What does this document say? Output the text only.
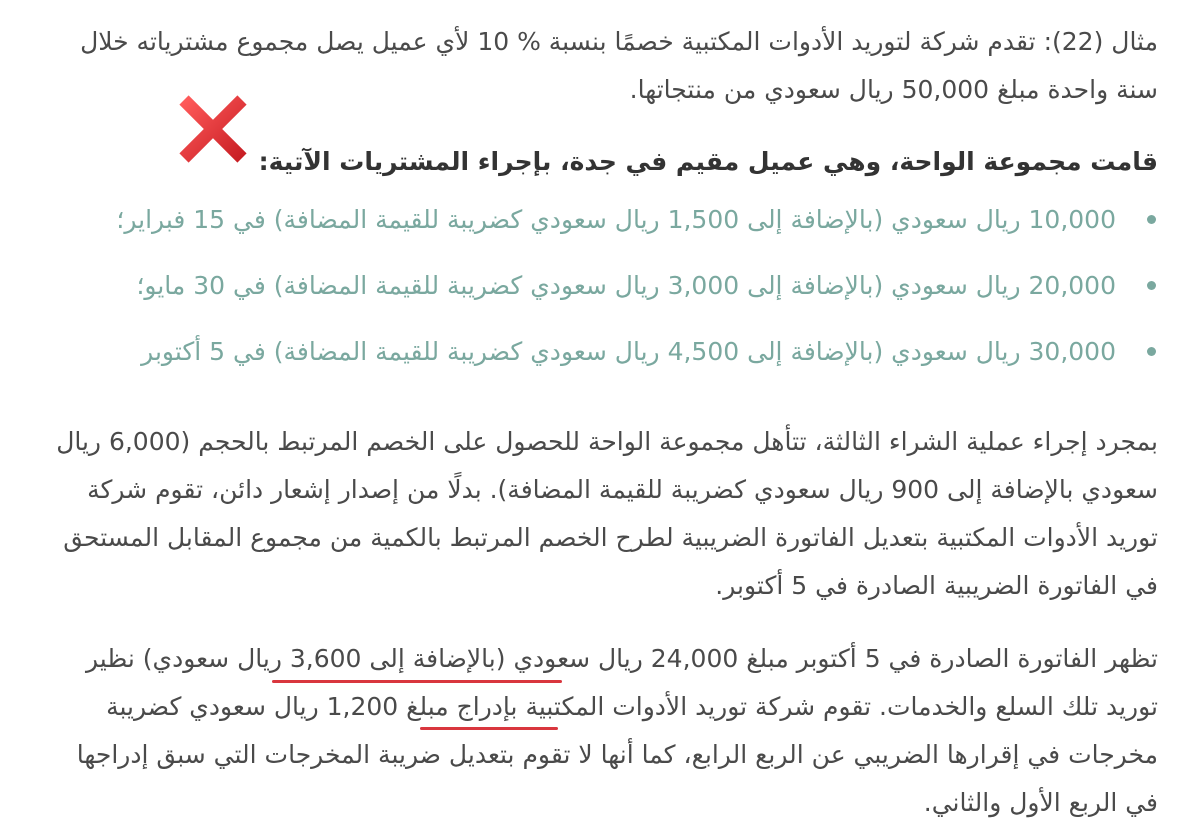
مثال (22): تقدم شركة لتوريد الأدوات المكتبية خصمًا بنسبة % 10 لأي عميل يصل مجموع مشترياته خلال سنة واحدة مبلغ 50,000 ريال سعودي من منتجاتها.
قامت مجموعة الواحة، وهي عميل مقيم في جدة، بإجراء المشتريات الآتية:
10,000 ريال سعودي (بالإضافة إلى 1,500 ريال سعودي كضريبة للقيمة المضافة) في 15 فبراير؛
20,000 ريال سعودي (بالإضافة إلى 3,000 ريال سعودي كضريبة للقيمة المضافة) في 30 مايو؛
30,000 ريال سعودي (بالإضافة إلى 4,500 ريال سعودي كضريبة للقيمة المضافة) في 5 أكتوبر
بمجرد إجراء عملية الشراء الثالثة، تتأهل مجموعة الواحة للحصول على الخصم المرتبط بالحجم (6,000 ريال سعودي بالإضافة إلى 900 ريال سعودي كضريبة للقيمة المضافة). بدلًا من إصدار إشعار دائن، تقوم شركة توريد الأدوات المكتبية بتعديل الفاتورة الضريبية لطرح الخصم المرتبط بالكمية من مجموع المقابل المستحق في الفاتورة الضريبية الصادرة في 5 أكتوبر.
تظهر الفاتورة الصادرة في 5 أكتوبر مبلغ 24,000 ريال سعودي (بالإضافة إلى 3,600 ريال سعودي) نظير توريد تلك السلع والخدمات. تقوم شركة توريد الأدوات المكتبية بإدراج مبلغ 1,200 ريال سعودي كضريبة مخرجات في إقرارها الضريبي عن الربع الرابع، كما أنها لا تقوم بتعديل ضريبة المخرجات التي سبق إدراجها في الربع الأول والثاني.
